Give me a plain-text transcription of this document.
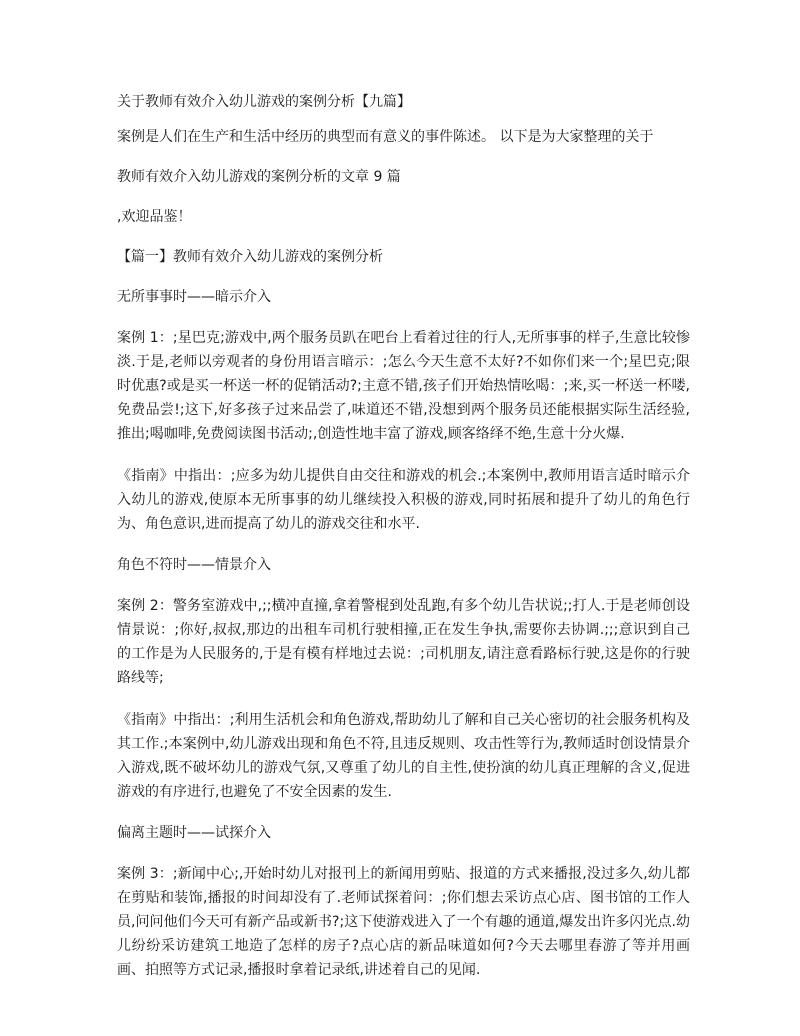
关于教师有效介入幼儿游戏的案例分析【九篇】

案例是人们在生产和生活中经历的典型而有意义的事件陈述。 以下是为大家整理的关于

教师有效介入幼儿游戏的案例分析的文章 9 篇

,欢迎品鉴！

【篇一】教师有效介入幼儿游戏的案例分析

无所事事时——暗示介入

案例 1：;星巴克;游戏中,两个服务员趴在吧台上看着过往的行人,无所事事的样子,生意比较惨淡.于是,老师以旁观者的身份用语言暗示：;怎么今天生意不太好?不如你们来一个;星巴克;限时优惠?或是买一杯送一杯的促销活动?;主意不错,孩子们开始热情吆喝：;来,买一杯送一杯喽,免费品尝!;这下,好多孩子过来品尝了,味道还不错,没想到两个服务员还能根据实际生活经验,推出;喝咖啡,免费阅读图书活动;,创造性地丰富了游戏,顾客络绎不绝,生意十分火爆.

《指南》中指出：;应多为幼儿提供自由交往和游戏的机会.;本案例中,教师用语言适时暗示介入幼儿的游戏,使原本无所事事的幼儿继续投入积极的游戏,同时拓展和提升了幼儿的角色行为、角色意识,进而提高了幼儿的游戏交往和水平.

角色不符时——情景介入

案例 2：警务室游戏中,;;横冲直撞,拿着警棍到处乱跑,有多个幼儿告状说;;打人.于是老师创设情景说：;你好,叔叔,那边的出租车司机行驶相撞,正在发生争执,需要你去协调.;;;意识到自己的工作是为人民服务的,于是有模有样地过去说：;司机朋友,请注意看路标行驶,这是你的行驶路线等;

《指南》中指出：;利用生活机会和角色游戏,帮助幼儿了解和自己关心密切的社会服务机构及其工作.;本案例中,幼儿游戏出现和角色不符,且违反规则、攻击性等行为,教师适时创设情景介入游戏,既不破坏幼儿的游戏气氛,又尊重了幼儿的自主性,使扮演的幼儿真正理解的含义,促进游戏的有序进行,也避免了不安全因素的发生.

偏离主题时——试探介入

案例 3：;新闻中心;,开始时幼儿对报刊上的新闻用剪贴、报道的方式来播报,没过多久,幼儿都在剪贴和装饰,播报的时间却没有了.老师试探着问：;你们想去采访点心店、图书馆的工作人员,问问他们今天可有新产品或新书?;这下使游戏进入了一个有趣的通道,爆发出许多闪光点.幼儿纷纷采访建筑工地造了怎样的房子?点心店的新品味道如何?今天去哪里春游了等并用画画、拍照等方式记录,播报时拿着记录纸,讲述着自己的见闻.
